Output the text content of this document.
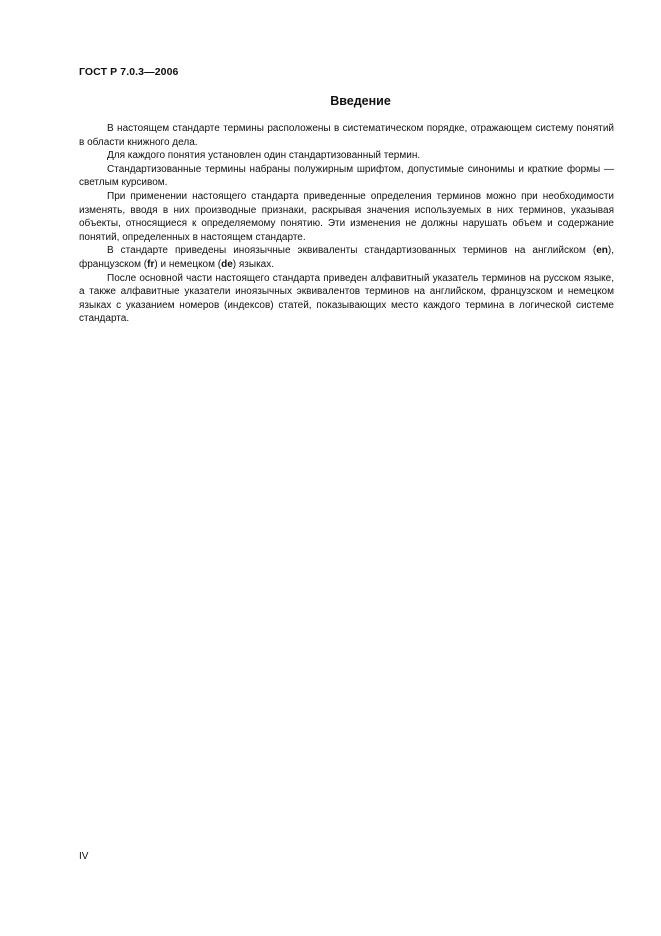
ГОСТ Р 7.0.3—2006
Введение

В настоящем стандарте термины расположены в систематическом порядке, отражающем систему понятий в области книжного дела.

Для каждого понятия установлен один стандартизованный термин.

Стандартизованные термины набраны полужирным шрифтом, допустимые синонимы и краткие формы — светлым курсивом.

При применении настоящего стандарта приведенные определения терминов можно при необходимости изменять, вводя в них производные признаки, раскрывая значения используемых в них терминов, указывая объекты, относящиеся к определяемому понятию. Эти изменения не должны нарушать объем и содержание понятий, определенных в настоящем стандарте.

В стандарте приведены иноязычные эквиваленты стандартизованных терминов на английском (en), французском (fr) и немецком (de) языках.

После основной части настоящего стандарта приведен алфавитный указатель терминов на русском языке, а также алфавитные указатели иноязычных эквивалентов терминов на английском, французском и немецком языках с указанием номеров (индексов) статей, показывающих место каждого термина в логической системе стандарта.

IV
